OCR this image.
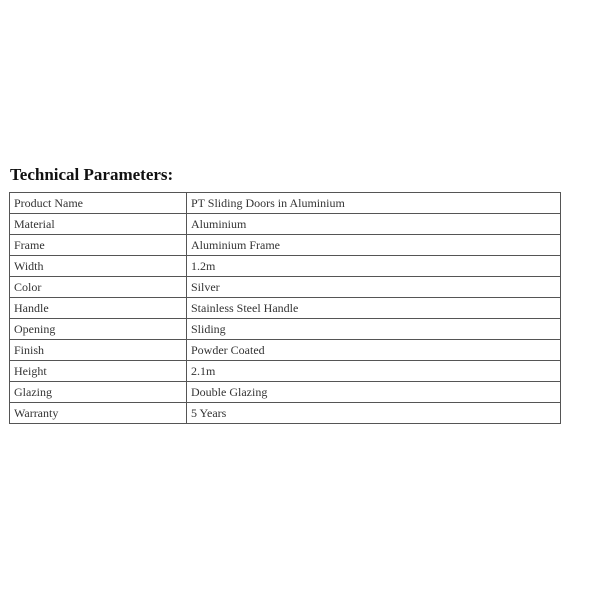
Technical Parameters:
Product Name	PT Sliding Doors in Aluminium
Material	Aluminium
Frame	Aluminium Frame
Width	1.2m
Color	Silver
Handle	Stainless Steel Handle
Opening	Sliding
Finish	Powder Coated
Height	2.1m
Glazing	Double Glazing
Warranty	5 Years
